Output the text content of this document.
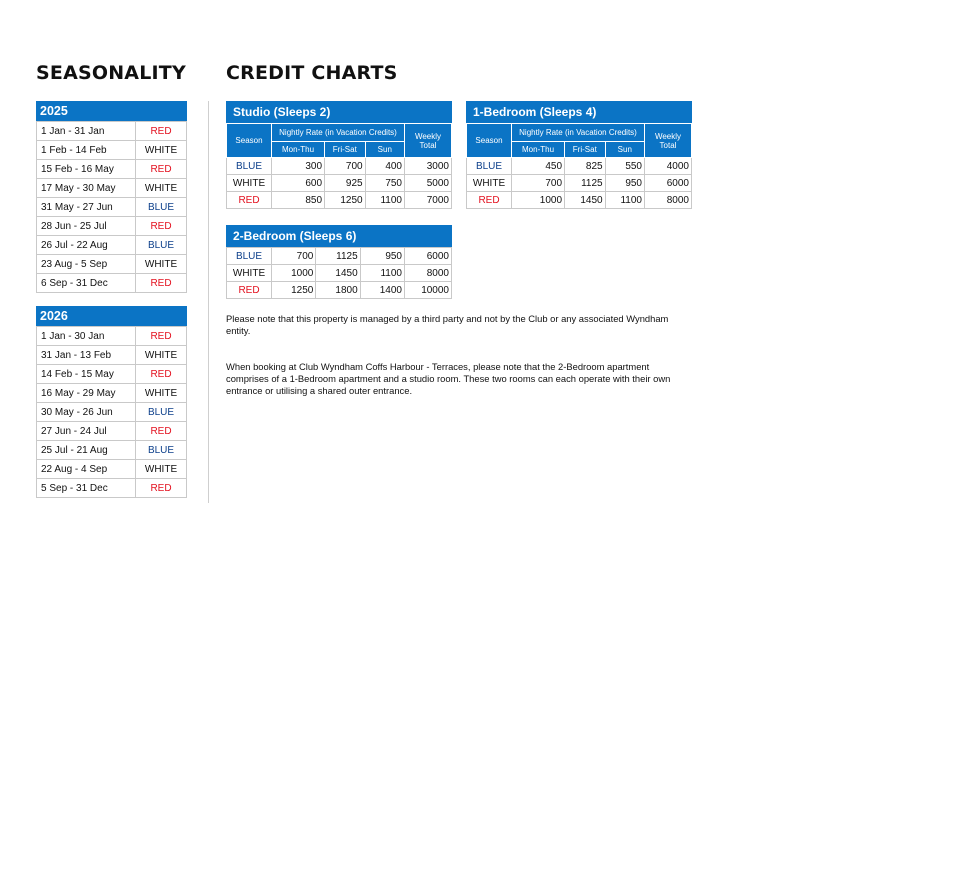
SEASONALITY CREDIT CHARTS
2025
1 Jan - 31 Jan	RED
1 Feb - 14 Feb	WHITE
15 Feb - 16 May	RED
17 May - 30 May	WHITE
31 May - 27 Jun	BLUE
28 Jun - 25 Jul	RED
26 Jul - 22 Aug	BLUE
23 Aug - 5 Sep	WHITE
6 Sep - 31 Dec	RED
2026
1 Jan - 30 Jan	RED
31 Jan - 13 Feb	WHITE
14 Feb - 15 May	RED
16 May - 29 May	WHITE
30 May - 26 Jun	BLUE
27 Jun - 24 Jul	RED
25 Jul - 21 Aug	BLUE
22 Aug - 4 Sep	WHITE
5 Sep - 31 Dec	RED
Studio (Sleeps 2)
Season	Nightly Rate (in Vacation Credits)			Weekly
Total
	Mon-Thu	Fri-Sat	Sun	
BLUE	300	700	400	3000
WHITE	600	925	750	5000
RED	850	1250	1100	7000
1-Bedroom (Sleeps 4)
Season	Nightly Rate (in Vacation Credits)			Weekly
Total
	Mon-Thu	Fri-Sat	Sun	
BLUE	450	825	550	4000
WHITE	700	1125	950	6000
RED	1000	1450	1100	8000
2-Bedroom (Sleeps 6)
BLUE	700	1125	950	6000
WHITE	1000	1450	1100	8000
RED	1250	1800	1400	10000
Please note that this property is managed by a third party and not by the Club or any associated Wyndham entity.
When booking at Club Wyndham Coffs Harbour - Terraces, please note that the 2-Bedroom apartment comprises of a 1-Bedroom apartment and a studio room. These two rooms can each operate with their own entrance or utilising a shared outer entrance.
